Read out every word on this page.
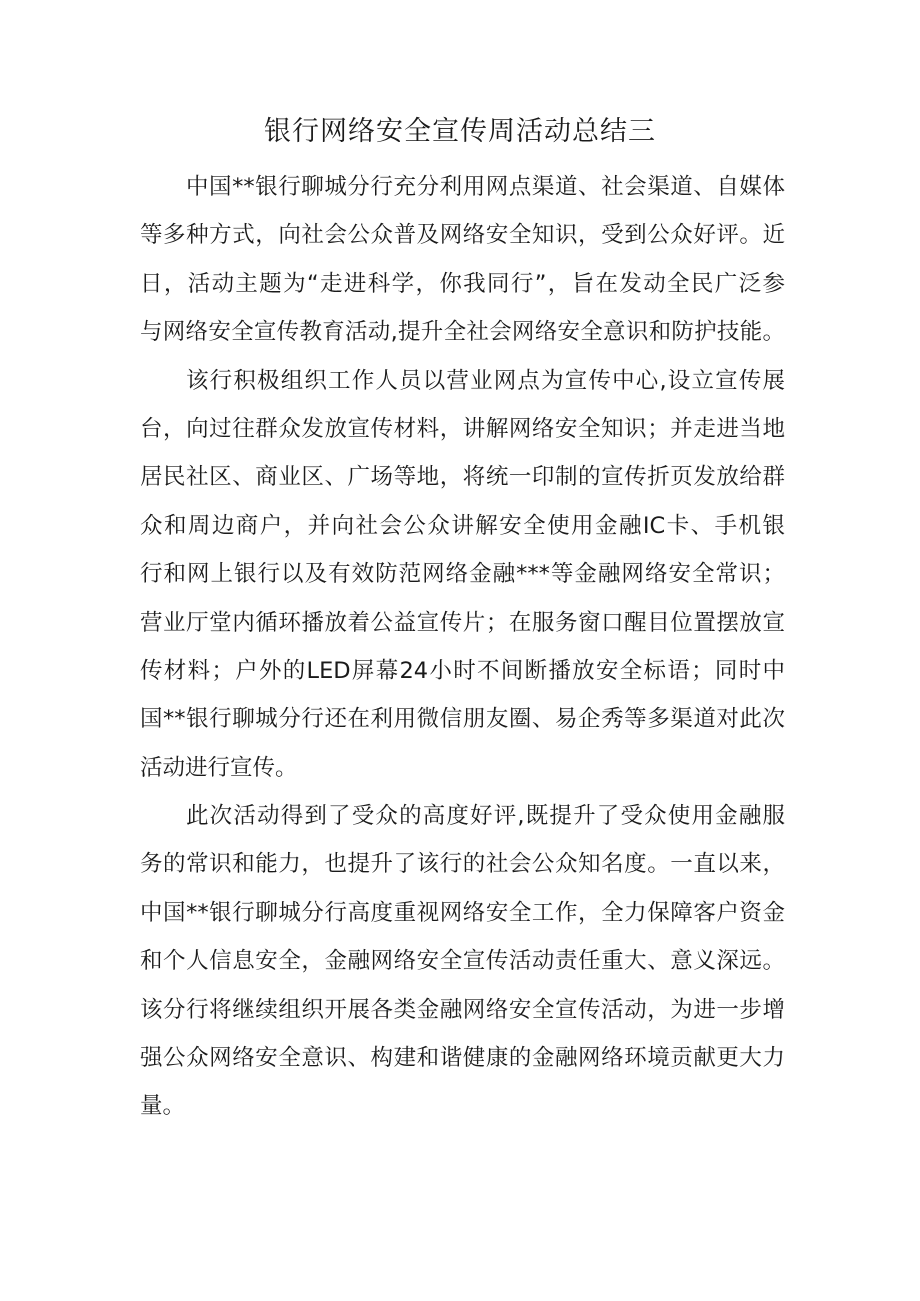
银行网络安全宣传周活动总结三
中国**银行聊城分行充分利用网点渠道、社会渠道、自媒体
等多种方式，向社会公众普及网络安全知识，受到公众好评。近
日，活动主题为“走进科学，你我同行”，旨在发动全民广泛参
与网络安全宣传教育活动,提升全社会网络安全意识和防护技能。
该行积极组织工作人员以营业网点为宣传中心,设立宣传展
台，向过往群众发放宣传材料，讲解网络安全知识；并走进当地
居民社区、商业区、广场等地，将统一印制的宣传折页发放给群
众和周边商户，并向社会公众讲解安全使用金融IC卡、手机银
行和网上银行以及有效防范网络金融***等金融网络安全常识；
营业厅堂内循环播放着公益宣传片；在服务窗口醒目位置摆放宣
传材料；户外的LED屏幕24小时不间断播放安全标语；同时中
国**银行聊城分行还在利用微信朋友圈、易企秀等多渠道对此次
活动进行宣传。
此次活动得到了受众的高度好评,既提升了受众使用金融服
务的常识和能力，也提升了该行的社会公众知名度。一直以来，
中国**银行聊城分行高度重视网络安全工作，全力保障客户资金
和个人信息安全，金融网络安全宣传活动责任重大、意义深远。
该分行将继续组织开展各类金融网络安全宣传活动，为进一步增
强公众网络安全意识、构建和谐健康的金融网络环境贡献更大力
量。
